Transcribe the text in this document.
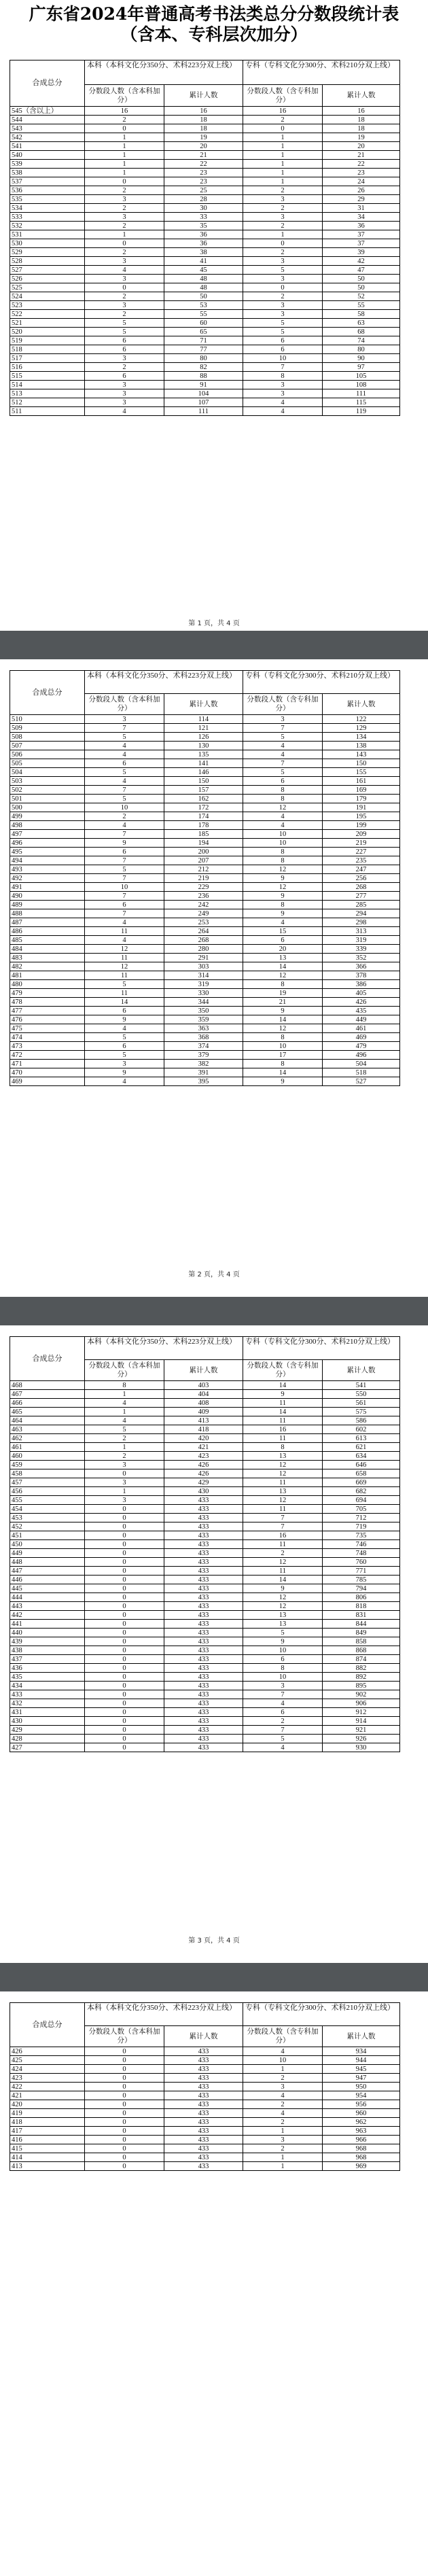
广东省2024年普通高考书法类总分分数段统计表
（含本、专科层次加分）
合成总分	本科（本科文化分350分、术科223分双上线）		专科（专科文化分300分、术科210分双上线）	
	分数段人数（含本科加分）	累计人数	分数段人数（含专科加分）	累计人数
545（含以上）	16	16	16	16
544	2	18	2	18
543	0	18	0	18
542	1	19	1	19
541	1	20	1	20
540	1	21	1	21
539	1	22	1	22
538	1	23	1	23
537	0	23	1	24
536	2	25	2	26
535	3	28	3	29
534	2	30	2	31
533	3	33	3	34
532	2	35	2	36
531	1	36	1	37
530	0	36	0	37
529	2	38	2	39
528	3	41	3	42
527	4	45	5	47
526	3	48	3	50
525	0	48	0	50
524	2	50	2	52
523	3	53	3	55
522	2	55	3	58
521	5	60	5	63
520	5	65	5	68
519	6	71	6	74
518	6	77	6	80
517	3	80	10	90
516	2	82	7	97
515	6	88	8	105
514	3	91	3	108
513	3	104	3	111
512	3	107	4	115
511	4	111	4	119
第 1 页，共 4 页
合成总分	本科（本科文化分350分、术科223分双上线）		专科（专科文化分300分、术科210分双上线）	
	分数段人数（含本科加分）	累计人数	分数段人数（含专科加分）	累计人数
510	3	114	3	122
509	7	121	7	129
508	5	126	5	134
507	4	130	4	138
506	4	135	4	143
505	6	141	7	150
504	5	146	5	155
503	4	150	6	161
502	7	157	8	169
501	5	162	8	179
500	10	172	12	191
499	2	174	4	195
498	4	178	4	199
497	7	185	10	209
496	9	194	10	219
495	6	200	8	227
494	7	207	8	235
493	5	212	12	247
492	7	219	9	256
491	10	229	12	268
490	7	236	9	277
489	6	242	8	285
488	7	249	9	294
487	4	253	4	298
486	11	264	15	313
485	4	268	6	319
484	12	280	20	339
483	11	291	13	352
482	12	303	14	366
481	11	314	12	378
480	5	319	8	386
479	11	330	19	405
478	14	344	21	426
477	6	350	9	435
476	9	359	14	449
475	4	363	12	461
474	5	368	8	469
473	6	374	10	479
472	5	379	17	496
471	3	382	8	504
470	9	391	14	518
469	4	395	9	527
第 2 页，共 4 页
合成总分	本科（本科文化分350分、术科223分双上线）		专科（专科文化分300分、术科210分双上线）	
	分数段人数（含本科加分）	累计人数	分数段人数（含专科加分）	累计人数
468	8	403	14	541
467	1	404	9	550
466	4	408	11	561
465	1	409	14	575
464	4	413	11	586
463	5	418	16	602
462	2	420	11	613
461	1	421	8	621
460	2	423	13	634
459	3	426	12	646
458	0	426	12	658
457	3	429	11	669
456	1	430	13	682
455	3	433	12	694
454	0	433	11	705
453	0	433	7	712
452	0	433	7	719
451	0	433	16	735
450	0	433	11	746
449	0	433	2	748
448	0	433	12	760
447	0	433	11	771
446	0	433	14	785
445	0	433	9	794
444	0	433	12	806
443	0	433	12	818
442	0	433	13	831
441	0	433	13	844
440	0	433	5	849
439	0	433	9	858
438	0	433	10	868
437	0	433	6	874
436	0	433	8	882
435	0	433	10	892
434	0	433	3	895
433	0	433	7	902
432	0	433	4	906
431	0	433	6	912
430	0	433	2	914
429	0	433	7	921
428	0	433	5	926
427	0	433	4	930
第 3 页，共 4 页
合成总分	本科（本科文化分350分、术科223分双上线）		专科（专科文化分300分、术科210分双上线）	
	分数段人数（含本科加分）	累计人数	分数段人数（含专科加分）	累计人数
426	0	433	4	934
425	0	433	10	944
424	0	433	1	945
423	0	433	2	947
422	0	433	3	950
421	0	433	4	954
420	0	433	2	956
419	0	433	4	960
418	0	433	2	962
417	0	433	1	963
416	0	433	3	966
415	0	433	2	968
414	0	433	1	968
413	0	433	1	969
